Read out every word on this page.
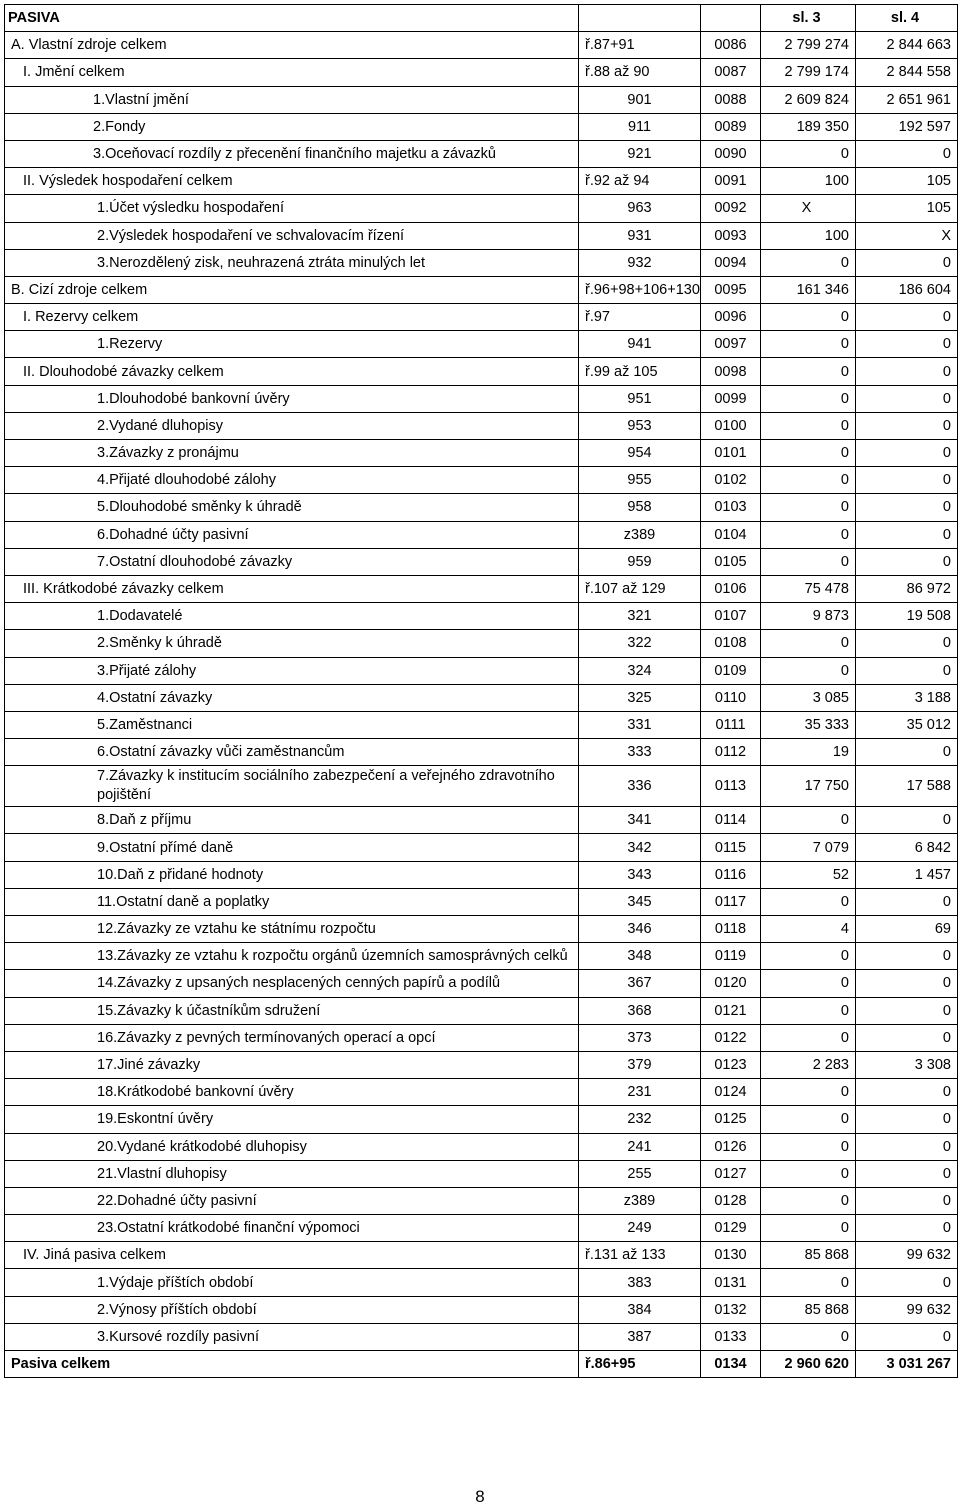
PASIVA			sl. 3	sl. 4
A. Vlastní zdroje celkem	ř.87+91	0086	2 799 274	2 844 663
I. Jmění celkem	ř.88 až 90	0087	2 799 174	2 844 558
1.Vlastní jmění	901	0088	2 609 824	2 651 961
2.Fondy	911	0089	189 350	192 597
3.Oceňovací rozdíly z přecenění finančního majetku a závazků	921	0090	0	0
II. Výsledek hospodaření celkem	ř.92 až 94	0091	100	105
1.Účet výsledku hospodaření	963	0092	X	105
2.Výsledek hospodaření ve schvalovacím řízení	931	0093	100	X
3.Nerozdělený zisk, neuhrazená ztráta minulých let	932	0094	0	0
B. Cizí zdroje celkem	ř.96+98+106+130	0095	161 346	186 604
I. Rezervy celkem	ř.97	0096	0	0
1.Rezervy	941	0097	0	0
II. Dlouhodobé závazky celkem	ř.99 až 105	0098	0	0
1.Dlouhodobé bankovní úvěry	951	0099	0	0
2.Vydané dluhopisy	953	0100	0	0
3.Závazky z pronájmu	954	0101	0	0
4.Přijaté dlouhodobé zálohy	955	0102	0	0
5.Dlouhodobé směnky k úhradě	958	0103	0	0
6.Dohadné účty pasivní	z389	0104	0	0
7.Ostatní dlouhodobé závazky	959	0105	0	0
III. Krátkodobé závazky celkem	ř.107 až 129	0106	75 478	86 972
1.Dodavatelé	321	0107	9 873	19 508
2.Směnky k úhradě	322	0108	0	0
3.Přijaté zálohy	324	0109	0	0
4.Ostatní závazky	325	0110	3 085	3 188
5.Zaměstnanci	331	0111	35 333	35 012
6.Ostatní závazky vůči zaměstnancům	333	0112	19	0
7.Závazky k institucím sociálního zabezpečení a veřejného zdravotního pojištění	336	0113	17 750	17 588
8.Daň z příjmu	341	0114	0	0
9.Ostatní přímé daně	342	0115	7 079	6 842
10.Daň z přidané hodnoty	343	0116	52	1 457
11.Ostatní daně a poplatky	345	0117	0	0
12.Závazky ze vztahu ke státnímu rozpočtu	346	0118	4	69
13.Závazky ze vztahu k rozpočtu orgánů územních samosprávných celků	348	0119	0	0
14.Závazky z upsaných nesplacených cenných papírů a podílů	367	0120	0	0
15.Závazky k účastníkům sdružení	368	0121	0	0
16.Závazky z pevných termínovaných operací a opcí	373	0122	0	0
17.Jiné závazky	379	0123	2 283	3 308
18.Krátkodobé bankovní úvěry	231	0124	0	0
19.Eskontní úvěry	232	0125	0	0
20.Vydané krátkodobé dluhopisy	241	0126	0	0
21.Vlastní dluhopisy	255	0127	0	0
22.Dohadné účty pasivní	z389	0128	0	0
23.Ostatní krátkodobé finanční výpomoci	249	0129	0	0
IV. Jiná pasiva celkem	ř.131 až 133	0130	85 868	99 632
1.Výdaje příštích období	383	0131	0	0
2.Výnosy příštích období	384	0132	85 868	99 632
3.Kursové rozdíly pasivní	387	0133	0	0
Pasiva celkem	ř.86+95	0134	2 960 620	3 031 267
8
